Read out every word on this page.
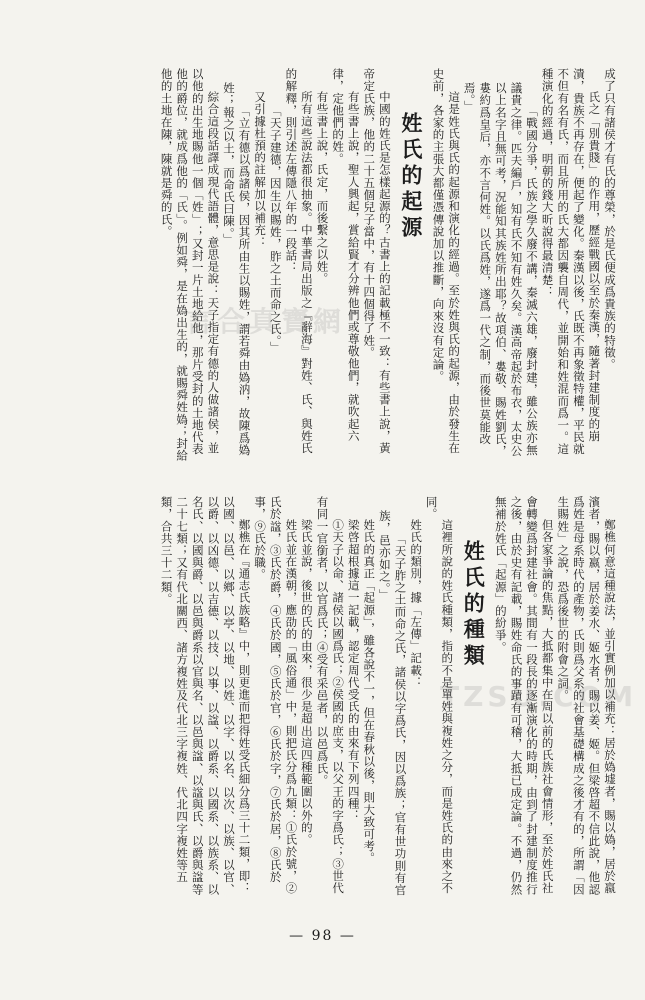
成了只有諸侯才有氏的尊榮，於是氏便成爲貴族的特徵。

氏之「別貴賤」的作用，歷經戰國以至於秦漢，隨著封建制度的崩潰，貴族不再存在，便起了變化。秦漢以後，氏既不再象徵特權，平民就不但有名有氏，而且所用的氏大都因襲自周代，並開始和姓混而爲一。這種演化的經過，明朝的錢大昕說得最清楚：

「戰國分爭，氏族之學久廢不講，秦滅六雄，廢封建，雖公族亦無議貴之律。匹夫編戶，知有氏不知有姓久矣。漢高帝起於布衣，太史公以上名字且無可考，況能知其族姓所出耶？故項伯、婁敬、賜姓劉氏，婁約爲皇后，亦不言何姓。以氏爲姓，遂爲一代之制，而後世莫能改焉。」

這是姓氏與氏的起源和演化的經過。至於姓與氏的起源，由於發生在史前，各家的主張大都僅憑傳說加以推斷，向來沒有定論。

姓氏的起源

中國的姓氏是怎樣起源的？古書上的記載極不一致：有些書上說，黃帝定氏族，他的二十五個兒子當中，有十四個得了姓。

有些書上說，聖人興起，賞給賢才分辨他們或尊敬他們，就吹起六律，定他們的姓。

有些書上說，氏定，而後繫之以姓。

所有這些說法都很抽象。中華書局出版之『辭海』對姓、氏、與姓氏的解釋，則引述左傳隱八年的一段話：

「天子建德，因生以賜姓，胙之土而命之氏。」

又引據杜預的註解加以補充：

「立有德以爲諸侯，因其所由生以賜姓，謂若舜由媯汭，故陳爲媯姓；報之以土，而命氏曰陳。」

綜合這段話譯成現代語體，意思是說：天子指定有德的人做諸侯，並以他的出生地賜他一個「姓」；又封一片土地給他，那片受封的土地代表他的爵位，就成爲他的「氏」。例如舜，是在媯出生的，就賜舜姓媯；封給他的土地在陳，陳就是舜的氏。

鄭樵何意這種說法，並引實例加以補充：居於媯墟者，賜以媯，居於嬴濱者，賜以嬴，居於姜水、姬水者，賜以姜、姬。但梁啓超不信此說，他認爲姓是母系時代的產物，氏則爲父系的社會基礎構成之後才有的，所謂「因生賜姓」之說，恐爲後世的附會之詞。

但各家爭論的焦點，大抵都集中在周以前的氏族社會情形，至於姓氏社會轉變爲封建社會。其間有一段長的逐漸演化的時期，由到了封建制度推行之後，由於史有記載，賜姓命氏的事蹟有可稽，大抵已成定論。不過，仍然無補於姓氏「起源」的紛爭。

姓氏的種類

這裡所說的姓氏種類，指的不是單姓與複姓之分，而是姓氏的由來之不同。

姓氏的類別，據「左傳」記載：

「天子胙之土而命之氏，諸侯以字爲氏，因以爲族；官有世功則有官族，邑亦如之。」

姓氏的真正「起源」，雖各說不一，但在春秋以後，則大致可考。

梁啓超根據這一記載，認定周代受氏的由來有下列四種：

①天子以命、諸侯以國爲氏；②侯國的庶支，以父王的字爲氏；③世代有同一官銜者，以官爲氏；④受有采邑者，以邑爲氏。

梁氏並說，後世的氏的由來，很少是超出這四種範圍以外的。

姓氏並在漢朝，應劭的「風俗通」中，則把氏分爲九類：①氏於號，②氏於諡，③氏於爵，④氏於國，⑤氏於官，⑥氏於字，⑦氏於居，⑧氏於事，⑨氏於職。

鄭樵在『通志氏族略』中，則更進而把得姓受氏細分爲三十二類，即：以國、以邑、以鄉、以亭、以地、以姓、以字、以名、以次、以族、以官、以爵、以凶德、以吉德、以技、以事、以諡、以爵系、以國系、以族系、以名氏、以國與爵、以邑與爵系以官與名、以邑與諡、以諡與氏、以爵與諡等二十七類；又有代北關西、諸方複姓及代北三字複姓、代北四字複姓等五類，合共三十二類。

言合真寶網
TZSU.COM
— 98 —
